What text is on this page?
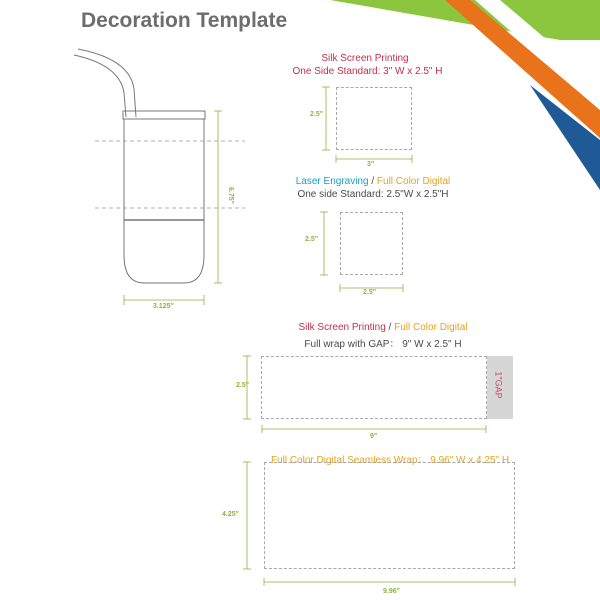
Decoration Template
6.75"
3.125"
Silk Screen Printing
One Side Standard: 3" W x 2.5" H
2.5"
3"
Laser Engraving / Full Color Digital
One side Standard: 2.5"W x 2.5"H
2.5"
2.5"
Silk Screen Printing / Full Color Digital
Full wrap with GAP： 9" W x 2.5" H
1"GAP
2.5"
9"
Full Color Digital Seamless Wrap： 9.96" W x 4.25" H
4.25"
9.96"
